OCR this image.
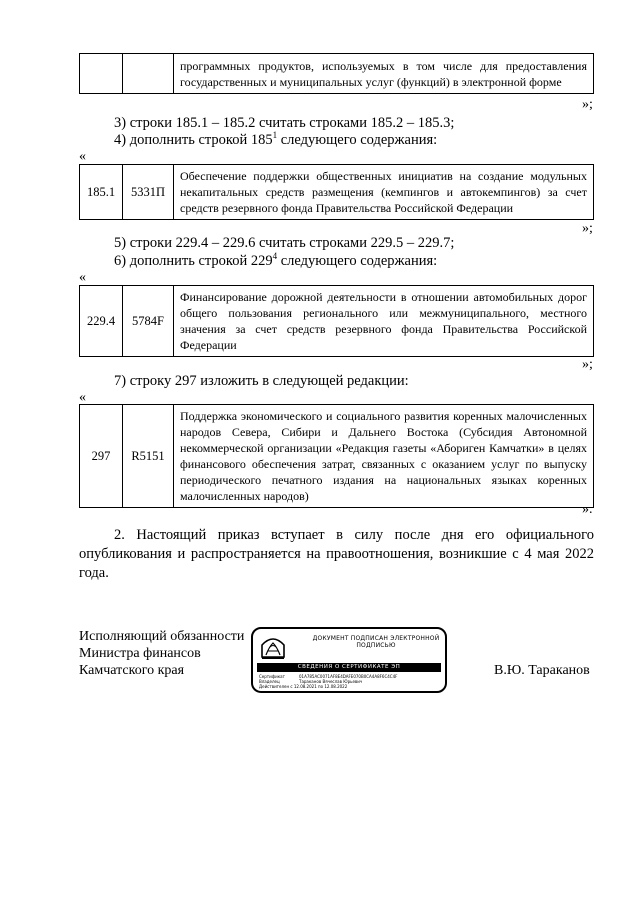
		программных продуктов, используемых в том числе для предоставления государственных и муниципальных услуг (функций) в электронной форме
»;
3) строки 185.1 – 185.2 считать строками 185.2 – 185.3;
4) дополнить строкой $185^1$ следующего содержания:
«
185.1	5331П	Обеспечение поддержки общественных инициатив на создание модульных некапитальных средств размещения (кемпингов и автокемпингов) за счет средств резервного фонда Правительства Российской Федерации
»;
5) строки 229.4 – 229.6 считать строками 229.5 – 229.7;
6) дополнить строкой $229^4$ следующего содержания:
«
229.4	5784F	Финансирование дорожной деятельности в отношении автомобильных дорог общего пользования регионального или межмуниципального, местного значения за счет средств резервного фонда Правительства Российской Федерации
»;
7) строку 297 изложить в следующей редакции:
«
297	R5151	Поддержка экономического и социального развития коренных малочисленных народов Севера, Сибири и Дальнего Востока (Субсидия Автономной некоммерческой организации «Редакция газеты «Абориген Камчатки» в целях финансового обеспечения затрат, связанных с оказанием услуг по выпуску периодического печатного издания на национальных языках коренных малочисленных народов)
».
2. Настоящий приказ вступает в силу после дня его официального опубликования и распространяется на правоотношения, возникшие с 4 мая 2022 года.
Исполняющий обязанности
Министра финансов
Камчатского края	В.Ю. Тараканов
ДОКУМЕНТ ПОДПИСАН ЭЛЕКТРОННОЙ ПОДПИСЬЮ
СВЕДЕНИЯ О СЕРТИФИКАТЕ ЭП
Сертификат	01A785AC0071AF8E4DAFE070B0CA4A8F6C4C4F
Владелец	Тараканов Вячеслав Юрьевич
Действителен с 12.08.2021 по 12.08.2022
